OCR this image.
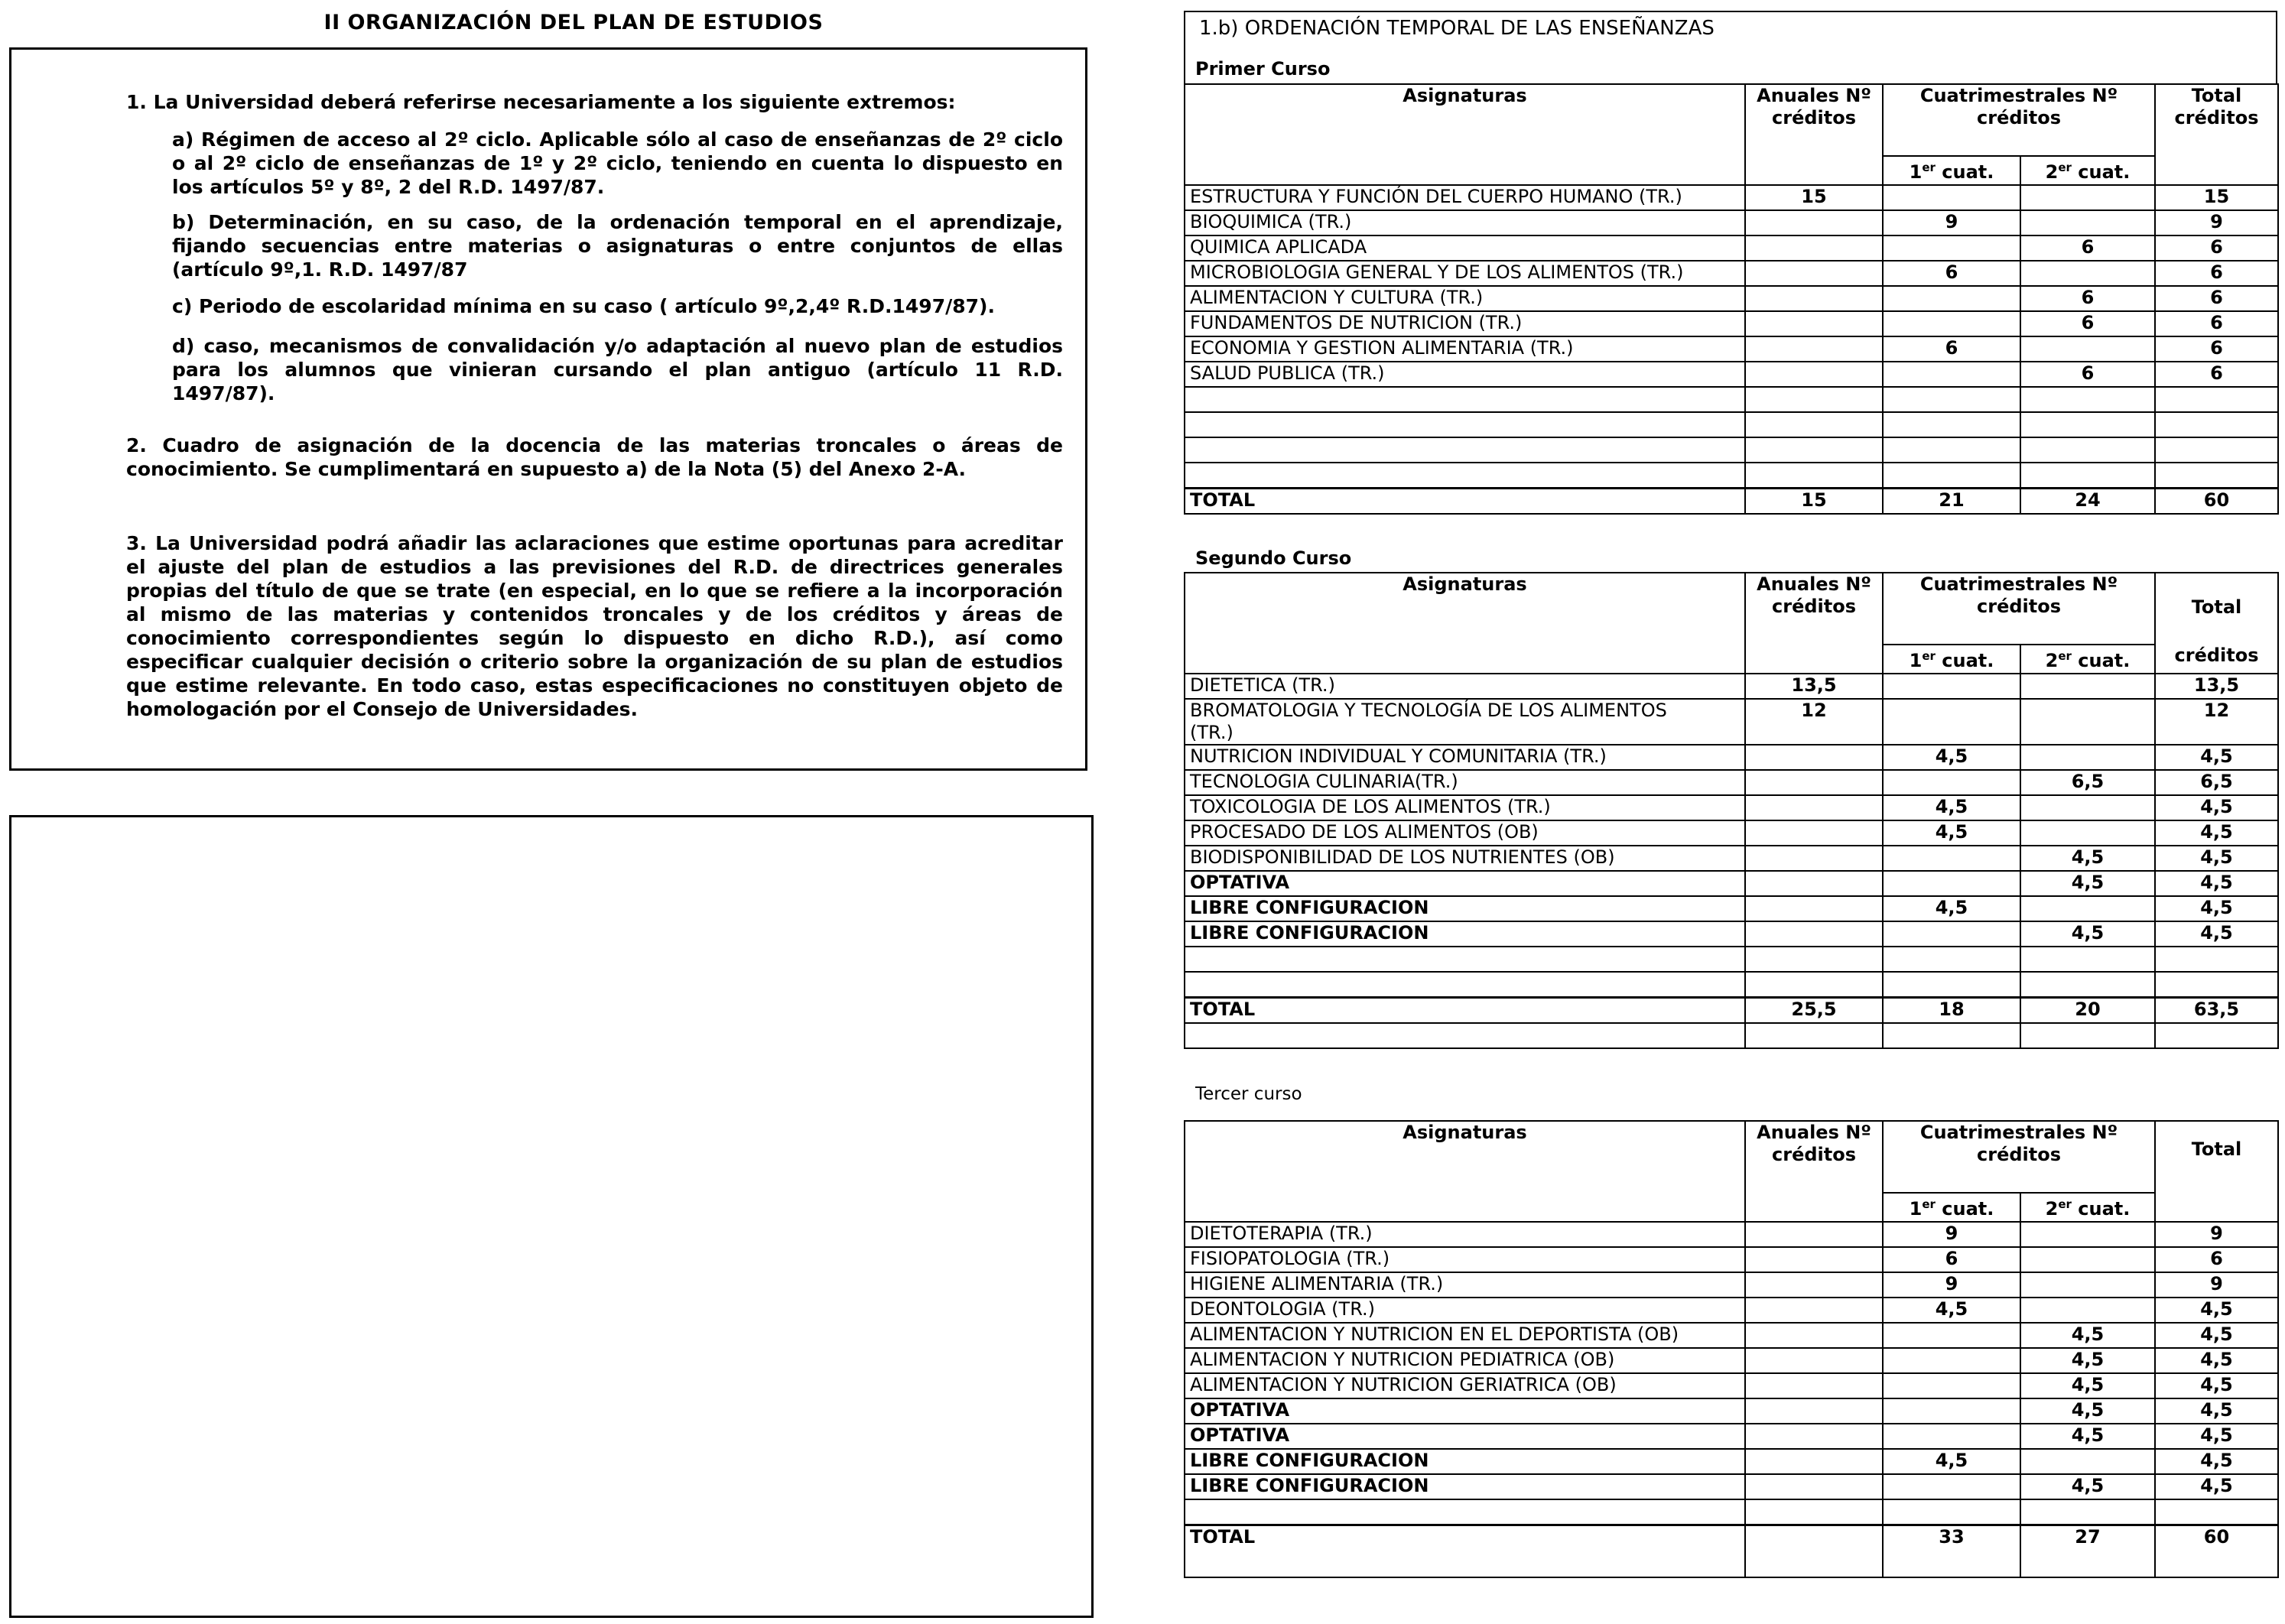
II ORGANIZACIÓN DEL PLAN DE ESTUDIOS
1. La Universidad deberá referirse necesariamente a los siguiente extremos:
a) Régimen de acceso al 2º ciclo. Aplicable sólo al caso de enseñanzas de 2º ciclo o al 2º ciclo de enseñanzas de 1º y 2º ciclo, teniendo en cuenta lo dispuesto en los artículos 5º y 8º, 2 del R.D. 1497/87.
b) Determinación, en su caso, de la ordenación temporal en el aprendizaje, fijando secuencias entre materias o asignaturas o entre conjuntos de ellas (artículo 9º,1. R.D. 1497/87
c) Periodo de escolaridad mínima en su caso ( artículo 9º,2,4º R.D.1497/87).
d) caso, mecanismos de convalidación y/o adaptación al nuevo plan de estudios para los alumnos que vinieran cursando el plan antiguo (artículo 11 R.D. 1497/87).
2. Cuadro de asignación de la docencia de las materias troncales o áreas de conocimiento. Se cumplimentará en supuesto a) de la Nota (5) del Anexo 2-A.
3. La Universidad podrá añadir las aclaraciones que estime oportunas para acreditar el ajuste del plan de estudios a las previsiones del R.D. de directrices generales propias del título de que se trate (en especial, en lo que se refiere a la incorporación al mismo de las materias y contenidos troncales y de los créditos y áreas de conocimiento correspondientes según lo dispuesto en dicho R.D.), así como especificar cualquier decisión o criterio sobre la organización de su plan de estudios que estime relevante. En todo caso, estas especificaciones no constituyen objeto de homologación por el Consejo de Universidades.
1.b) ORDENACIÓN TEMPORAL DE LAS ENSEÑANZAS
Primer Curso
Segundo Curso
Tercer curso
Asignaturas	Anuales Nº créditos	Cuatrimestrales Nº créditos		Total créditos
		1er cuat.	2er cuat.	
ESTRUCTURA Y FUNCIÓN DEL CUERPO HUMANO (TR.)	15			15
BIOQUIMICA (TR.)		9		9
QUIMICA APLICADA			6	6
MICROBIOLOGIA GENERAL Y DE LOS ALIMENTOS (TR.)		6		6
ALIMENTACION Y CULTURA (TR.)			6	6
FUNDAMENTOS DE NUTRICION (TR.)			6	6
ECONOMIA Y GESTION ALIMENTARIA (TR.)		6		6
SALUD PUBLICA (TR.)			6	6

TOTAL	15	21	24	60
Asignaturas	Anuales Nº créditos	Cuatrimestrales Nº créditos		Total
créditos

		1er cuat.	2er cuat.	
DIETETICA (TR.)	13,5			13,5

BROMATOLOGIA Y TECNOLOGÍA DE LOS ALIMENTOS
(TR.)	12			12
NUTRICION INDIVIDUAL Y COMUNITARIA (TR.)		4,5		4,5
TECNOLOGIA CULINARIA(TR.)			6,5	6,5
TOXICOLOGIA DE LOS ALIMENTOS (TR.)		4,5		4,5
PROCESADO DE LOS ALIMENTOS (OB)		4,5		4,5
BIODISPONIBILIDAD DE LOS NUTRIENTES (OB)			4,5	4,5
OPTATIVA			4,5	4,5
LIBRE CONFIGURACION		4,5		4,5
LIBRE CONFIGURACION			4,5	4,5

TOTAL	25,5	18	20	63,5

Asignaturas	Anuales Nº créditos	Cuatrimestrales Nº créditos		Total

		1er cuat.	2er cuat.	
DIETOTERAPIA (TR.)		9		9
FISIOPATOLOGIA (TR.)		6		6
HIGIENE ALIMENTARIA (TR.)		9		9
DEONTOLOGIA (TR.)		4,5		4,5
ALIMENTACION Y NUTRICION EN EL DEPORTISTA (OB)			4,5	4,5
ALIMENTACION Y NUTRICION PEDIATRICA (OB)			4,5	4,5
ALIMENTACION Y NUTRICION GERIATRICA (OB)			4,5	4,5
OPTATIVA			4,5	4,5
OPTATIVA			4,5	4,5
LIBRE CONFIGURACION		4,5		4,5
LIBRE CONFIGURACION			4,5	4,5

TOTAL		33	27	60
